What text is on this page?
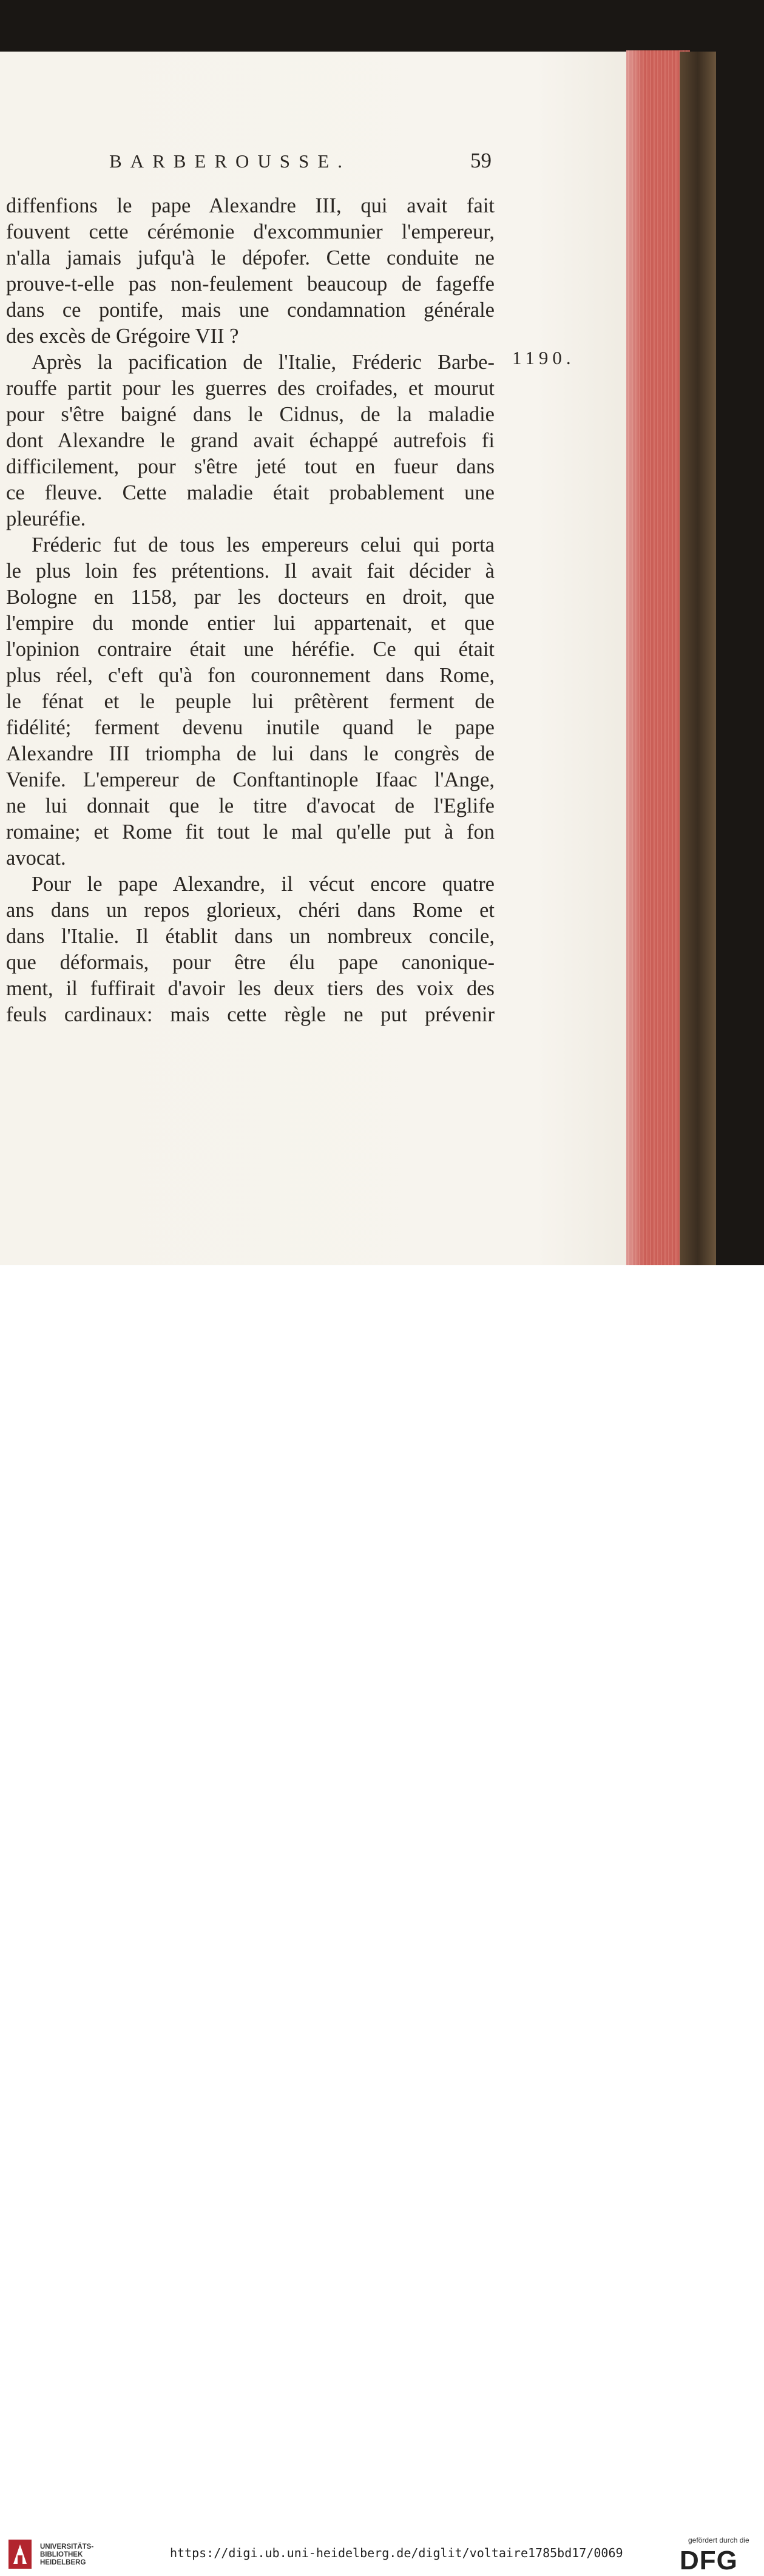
BARBEROUSSE.	59
1190.
diffenfions le pape Alexandre III, qui avait fait
fouvent cette cérémonie d'excommunier l'empereur,
n'alla jamais jufqu'à le dépofer. Cette conduite ne
prouve-t-elle pas non-feulement beaucoup de fageffe
dans ce pontife, mais une condamnation générale
des excès de Grégoire VII ?
Après la pacification de l'Italie, Fréderic Barbe-
rouffe partit pour les guerres des croifades, et mourut
pour s'être baigné dans le Cidnus, de la maladie
dont Alexandre le grand avait échappé autrefois fi
difficilement, pour s'être jeté tout en fueur dans
ce fleuve. Cette maladie était probablement une
pleuréfie.
Fréderic fut de tous les empereurs celui qui porta
le plus loin fes prétentions. Il avait fait décider à
Bologne en 1158, par les docteurs en droit, que
l'empire du monde entier lui appartenait, et que
l'opinion contraire était une héréfie. Ce qui était
plus réel, c'eft qu'à fon couronnement dans Rome,
le fénat et le peuple lui prêtèrent ferment de
fidélité; ferment devenu inutile quand le pape
Alexandre III triompha de lui dans le congrès de
Venife. L'empereur de Conftantinople Ifaac l'Ange,
ne lui donnait que le titre d'avocat de l'Eglife
romaine; et Rome fit tout le mal qu'elle put à fon
avocat.
Pour le pape Alexandre, il vécut encore quatre
ans dans un repos glorieux, chéri dans Rome et
dans l'Italie. Il établit dans un nombreux concile,
que déformais, pour être élu pape canonique-
ment, il fuffirait d'avoir les deux tiers des voix des
feuls cardinaux: mais cette règle ne put prévenir
UNIVERSITÄTS-
BIBLIOTHEK
HEIDELBERG
https://digi.ub.uni-heidelberg.de/diglit/voltaire1785bd17/0069
gefördert durch die
DFG
